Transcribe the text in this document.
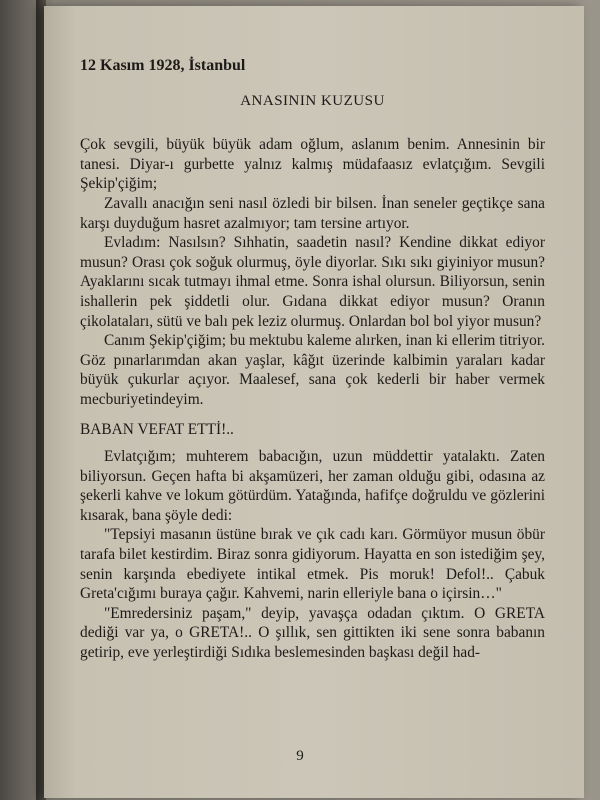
12 Kasım 1928, İstanbul
ANASININ KUZUSU

Çok sevgili, büyük büyük adam oğlum, aslanım benim. Annesinin bir tanesi. Diyar-ı gurbette yalnız kalmış müdafaasız evlatçığım. Sevgili Şekip'çiğim;

Zavallı anacığın seni nasıl özledi bir bilsen. İnan seneler geçtikçe sana karşı duyduğum hasret azalmıyor; tam tersine artıyor.

Evladım: Nasılsın? Sıhhatin, saadetin nasıl? Kendine dikkat ediyor musun? Orası çok soğuk olurmuş, öyle diyorlar. Sıkı sıkı giyiniyor musun? Ayaklarını sıcak tutmayı ihmal etme. Sonra ishal olursun. Biliyorsun, senin ishallerin pek şiddetli olur. Gıdana dikkat ediyor musun? Oranın çikolataları, sütü ve balı pek leziz olurmuş. Onlardan bol bol yiyor musun?

Canım Şekip'çiğim; bu mektubu kaleme alırken, inan ki ellerim titriyor. Göz pınarlarımdan akan yaşlar, kâğıt üzerinde kalbimin yaraları kadar büyük çukurlar açıyor. Maalesef, sana çok kederli bir haber vermek mecburiyetindeyim.

BABAN VEFAT ETTİ!..

Evlatçığım; muhterem babacığın, uzun müddettir yatalaktı. Zaten biliyorsun. Geçen hafta bi akşamüzeri, her zaman olduğu gibi, odasına az şekerli kahve ve lokum götürdüm. Yatağında, hafifçe doğruldu ve gözlerini kısarak, bana şöyle dedi:

"Tepsiyi masanın üstüne bırak ve çık cadı karı. Görmüyor musun öbür tarafa bilet kestirdim. Biraz sonra gidiyorum. Hayatta en son istediğim şey, senin karşında ebediyete intikal etmek. Pis moruk! Defol!.. Çabuk Greta'cığımı buraya çağır. Kahvemi, narin elleriyle bana o içirsin…"

"Emredersiniz paşam," deyip, yavaşça odadan çıktım. O GRETA dediği var ya, o GRETA!.. O şıllık, sen gittikten iki sene sonra babanın getirip, eve yerleştirdiği Sıdıka beslemesinden başkası değil had-

9
